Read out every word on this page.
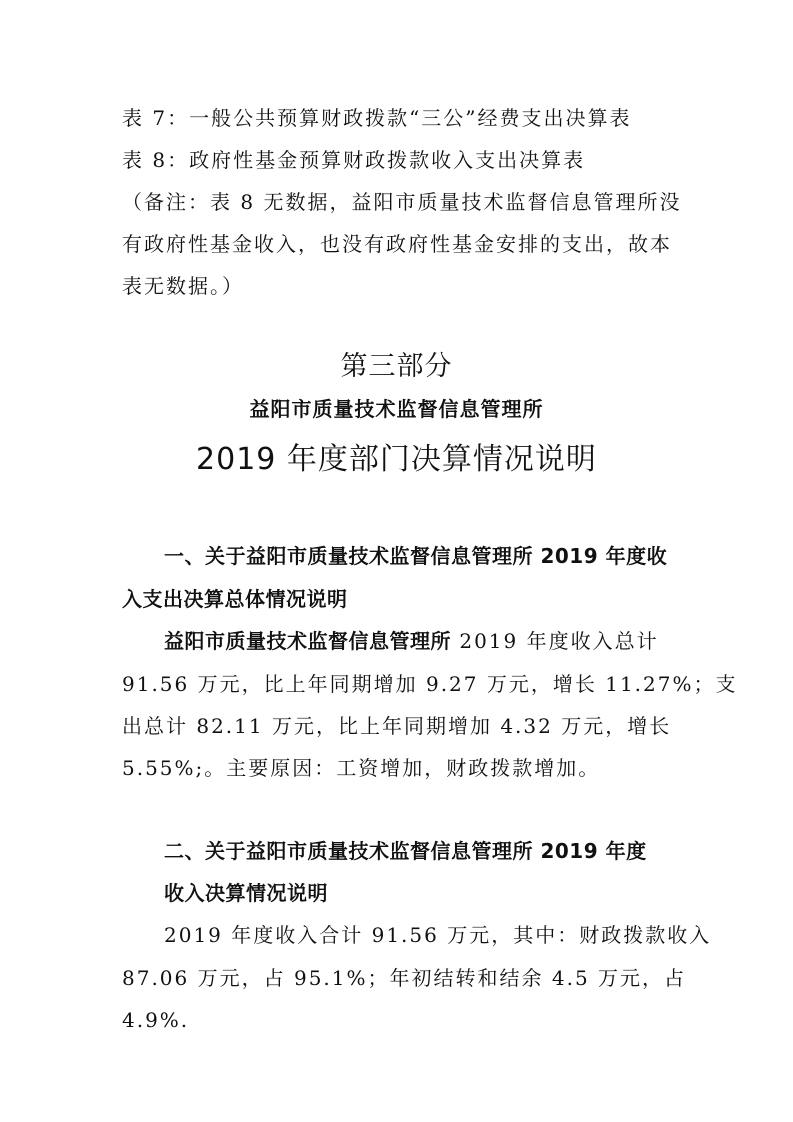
表 7：一般公共预算财政拨款“三公”经费支出决算表
表 8：政府性基金预算财政拨款收入支出决算表
（备注：表 8 无数据，益阳市质量技术监督信息管理所没
有政府性基金收入，也没有政府性基金安排的支出，故本
表无数据。）
第三部分
益阳市质量技术监督信息管理所
2019 年度部门决算情况说明
一、关于益阳市质量技术监督信息管理所 2019 年度收
入支出决算总体情况说明
益阳市质量技术监督信息管理所 2019 年度收入总计
91.56 万元，比上年同期增加 9.27 万元，增长 11.27%；支
出总计 82.11 万元，比上年同期增加 4.32 万元，增长
5.55%;。主要原因：工资增加，财政拨款增加。
二、关于益阳市质量技术监督信息管理所 2019 年度
收入决算情况说明
2019 年度收入合计 91.56 万元，其中：财政拨款收入
87.06 万元，占 95.1%；年初结转和结余 4.5 万元，占
4.9%.
